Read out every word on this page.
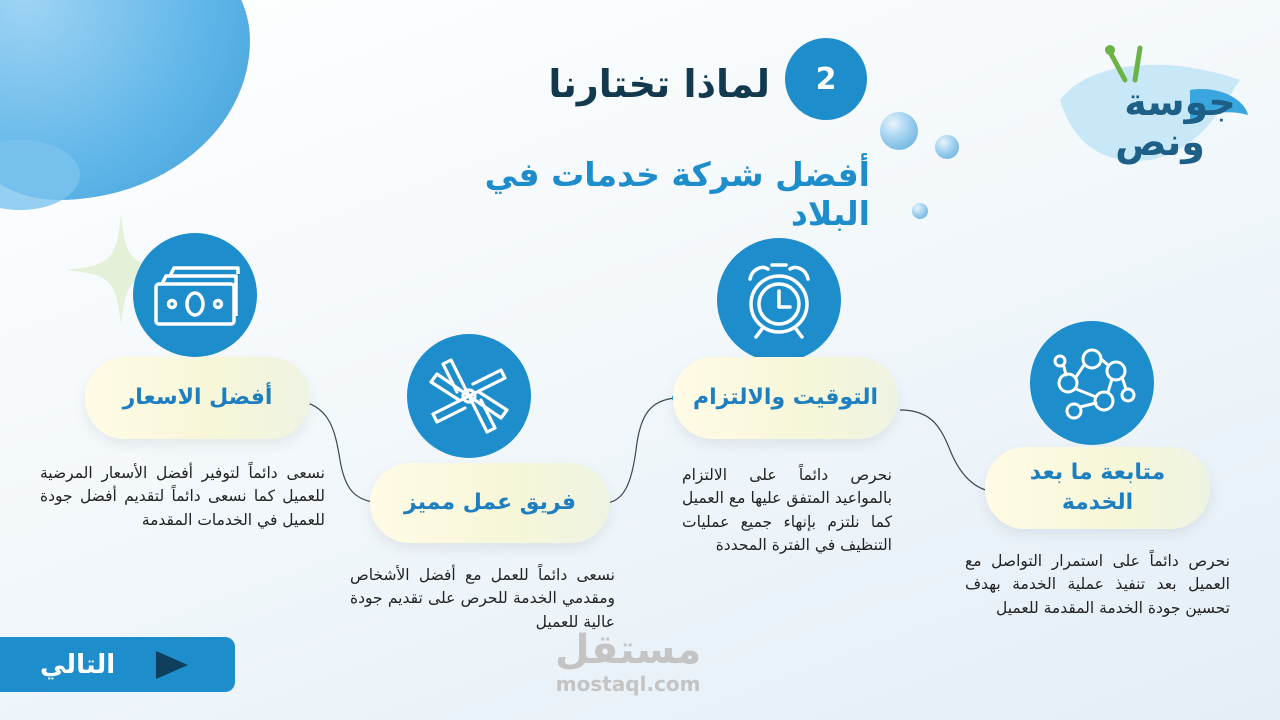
جوسة
ونص
لماذا تختارنا	2
أفضل شركة خدمات في البلاد
أفضل الاسعار
نسعى دائماً لتوفير أفضل الأسعار المرضية للعميل كما نسعى دائماً لتقديم أفضل جودة للعميل في الخدمات المقدمة
فريق عمل مميز
نسعى دائماً للعمل مع أفضل الأشخاص ومقدمي الخدمة للحرص على تقديم جودة عالية للعميل
التوقيت والالتزام
نحرص دائماً على الالتزام بالمواعيد المتفق عليها مع العميل كما نلتزم بإنهاء جميع عمليات التنظيف في الفترة المحددة
متابعة ما بعد الخدمة
نحرص دائماً على استمرار التواصل مع العميل بعد تنفيذ عملية الخدمة بهدف تحسين جودة الخدمة المقدمة للعميل
مستقل
mostaql.com
التالي
